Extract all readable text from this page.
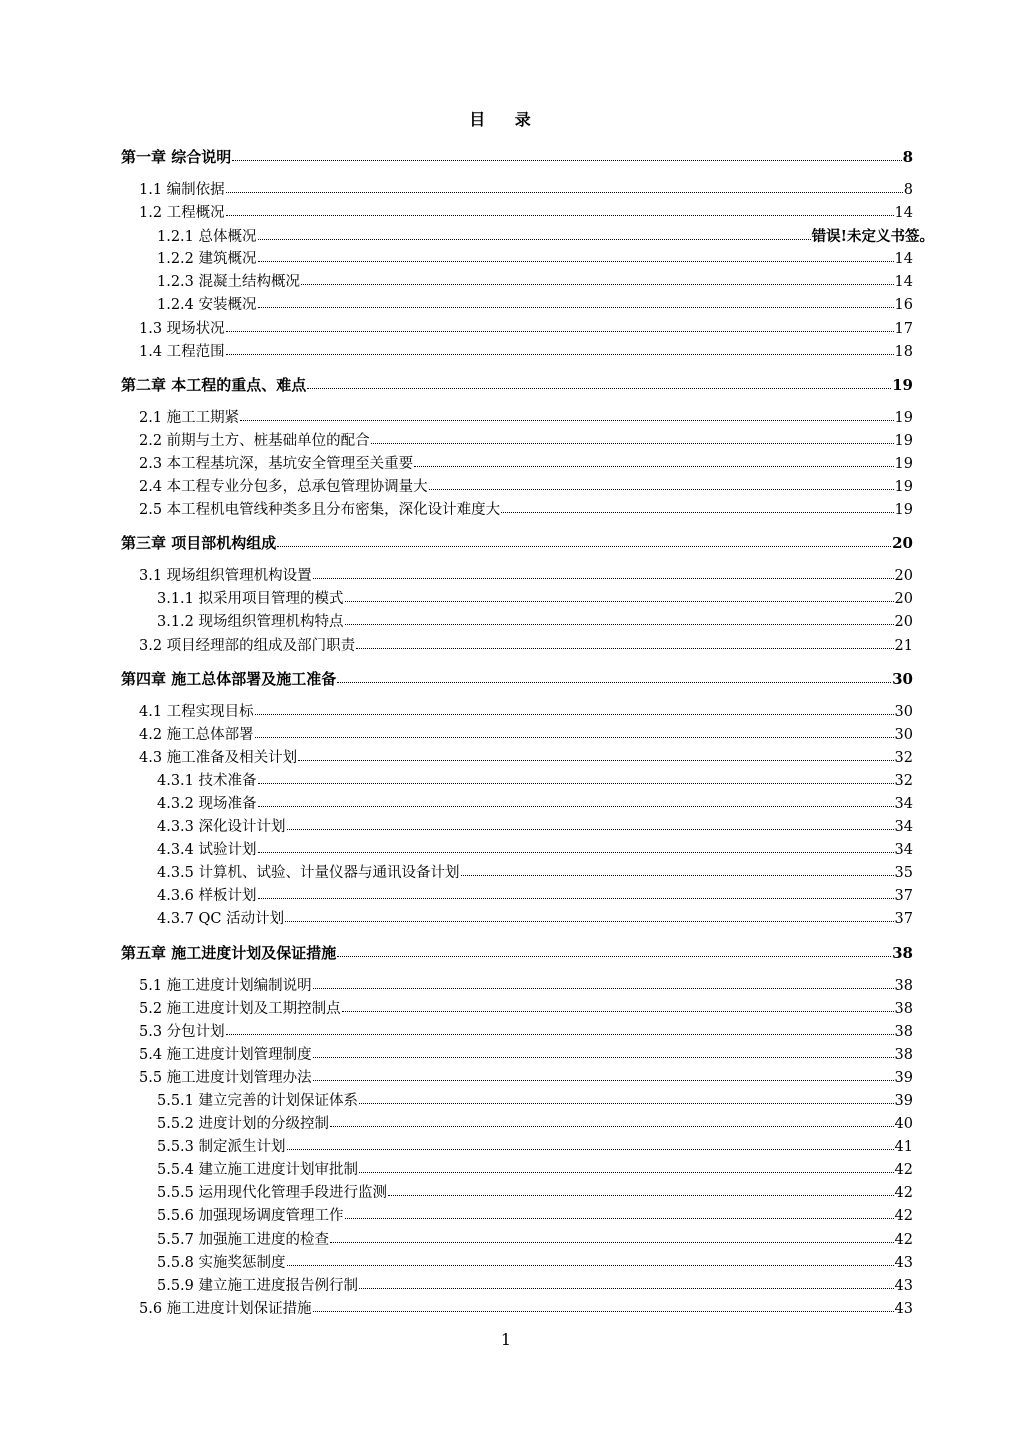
目 录
第一章 综合说明	8
1.1 编制依据	8
1.2 工程概况	14
1.2.1 总体概况	错误!未定义书签。
1.2.2 建筑概况	14
1.2.3 混凝土结构概况	14
1.2.4 安装概况	16
1.3 现场状况	17
1.4 工程范围	18
第二章 本工程的重点、难点	19
2.1 施工工期紧	19
2.2 前期与土方、桩基础单位的配合	19
2.3 本工程基坑深，基坑安全管理至关重要	19
2.4 本工程专业分包多，总承包管理协调量大	19
2.5 本工程机电管线种类多且分布密集，深化设计难度大	19
第三章 项目部机构组成	20
3.1 现场组织管理机构设置	20
3.1.1 拟采用项目管理的模式	20
3.1.2 现场组织管理机构特点	20
3.2 项目经理部的组成及部门职责	21
第四章 施工总体部署及施工准备	30
4.1 工程实现目标	30
4.2 施工总体部署	30
4.3 施工准备及相关计划	32
4.3.1 技术准备	32
4.3.2 现场准备	34
4.3.3 深化设计计划	34
4.3.4 试验计划	34
4.3.5 计算机、试验、计量仪器与通讯设备计划	35
4.3.6 样板计划	37
4.3.7 QC 活动计划	37
第五章 施工进度计划及保证措施	38
5.1 施工进度计划编制说明	38
5.2 施工进度计划及工期控制点	38
5.3 分包计划	38
5.4 施工进度计划管理制度	38
5.5 施工进度计划管理办法	39
5.5.1 建立完善的计划保证体系	39
5.5.2 进度计划的分级控制	40
5.5.3 制定派生计划	41
5.5.4 建立施工进度计划审批制	42
5.5.5 运用现代化管理手段进行监测	42
5.5.6 加强现场调度管理工作	42
5.5.7 加强施工进度的检查	42
5.5.8 实施奖惩制度	43
5.5.9 建立施工进度报告例行制	43
5.6 施工进度计划保证措施	43
1
